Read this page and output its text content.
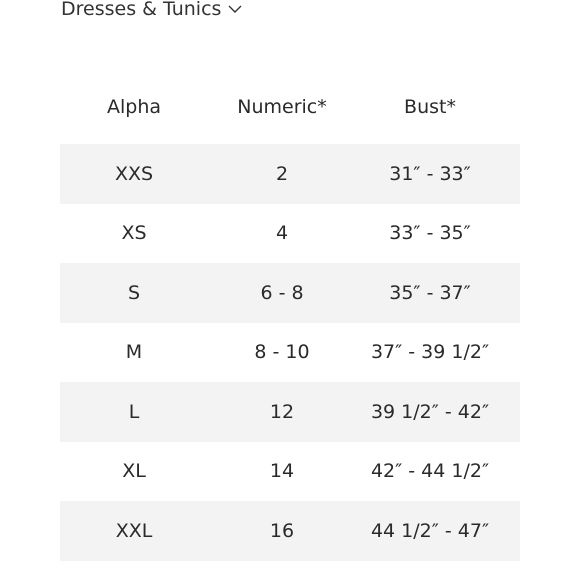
Dresses & Tunics
Alpha	Numeric*	Bust*
XXS	2	31″ - 33″
XS	4	33″ - 35″
S	6 - 8	35″ - 37″
M	8 - 10	37″ - 39 1/2″
L	12	39 1/2″ - 42″
XL	14	42″ - 44 1/2″
XXL	16	44 1/2″ - 47″
